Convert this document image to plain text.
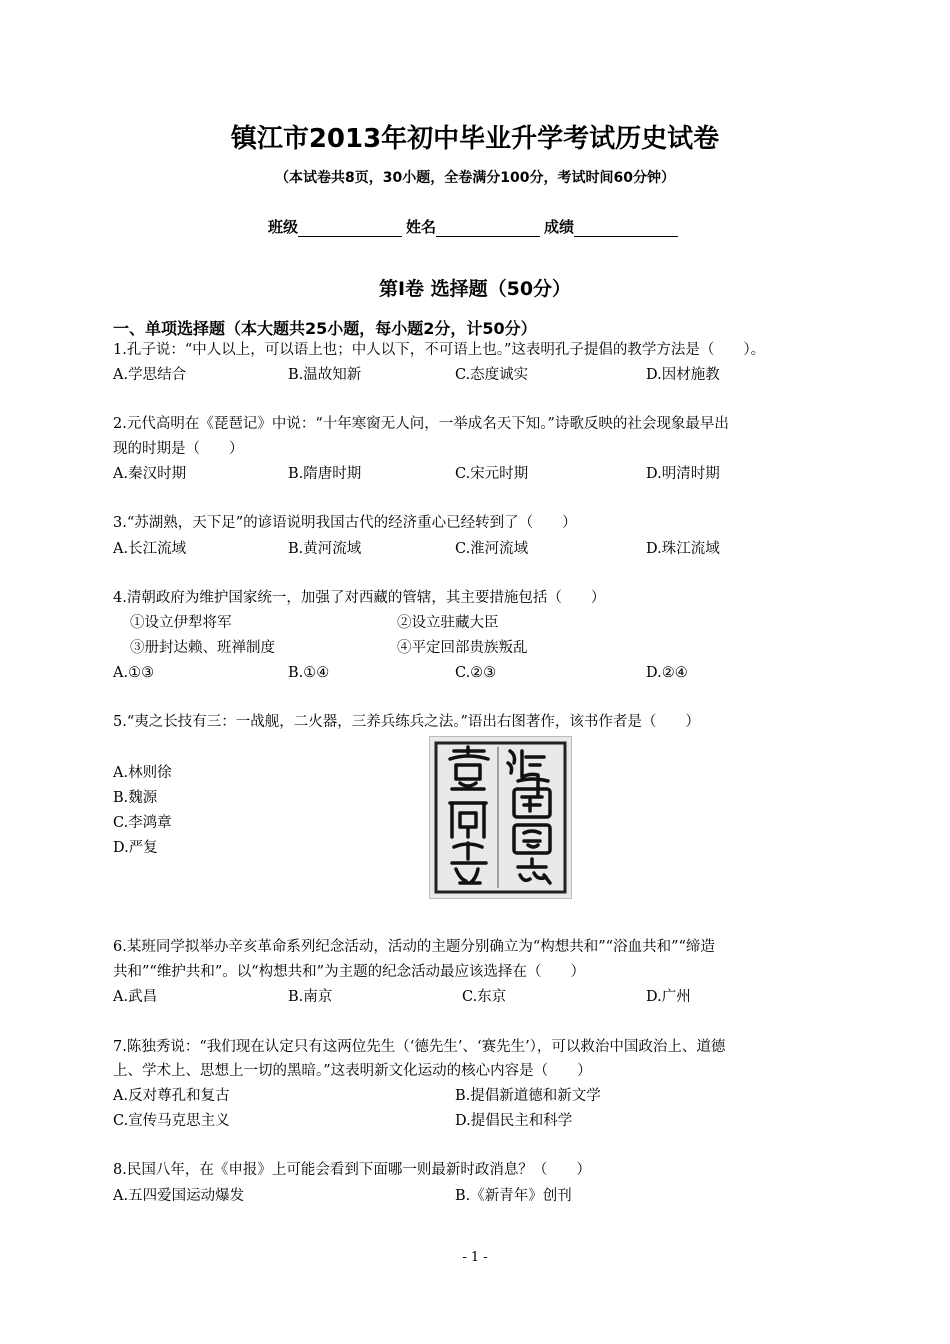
镇江市2013年初中毕业升学考试历史试卷
（本试卷共8页，30小题，全卷满分100分，考试时间60分钟）
班级	姓名	成绩
第Ⅰ卷 选择题（50分）
一、单项选择题（本大题共25小题，每小题2分，计50分）
1.孔子说：“中人以上，可以语上也；中人以下，不可语上也。”这表明孔子提倡的教学方法是（　　）。
A.学思结合	B.温故知新	C.态度诚实	D.因材施教
2.元代高明在《琵琶记》中说：“十年寒窗无人问，一举成名天下知。”诗歌反映的社会现象最早出
现的时期是（　　）
A.秦汉时期	B.隋唐时期	C.宋元时期	D.明清时期
3.“苏湖熟，天下足”的谚语说明我国古代的经济重心已经转到了（　　）
A.长江流域	B.黄河流域	C.淮河流域	D.珠江流域
4.清朝政府为维护国家统一，加强了对西藏的管辖，其主要措施包括（　　）
①设立伊犁将军	②设立驻藏大臣
③册封达赖、班禅制度	④平定回部贵族叛乱
A.①③	B.①④	C.②③	D.②④
5.“夷之长技有三：一战舰，二火器，三养兵练兵之法。”语出右图著作，该书作者是（　　）
A.林则徐
B.魏源
C.李鸿章
D.严复
6.某班同学拟举办辛亥革命系列纪念活动，活动的主题分别确立为“构想共和”“浴血共和”“缔造
共和”“维护共和”。以“构想共和”为主题的纪念活动最应该选择在（　　）
A.武昌	B.南京	C.东京	D.广州
7.陈独秀说：“我们现在认定只有这两位先生（‘德先生’、‘赛先生’），可以救治中国政治上、道德
上、学术上、思想上一切的黑暗。”这表明新文化运动的核心内容是（　　）
A.反对尊孔和复古	B.提倡新道德和新文学
C.宣传马克思主义	D.提倡民主和科学
8.民国八年，在《申报》上可能会看到下面哪一则最新时政消息？（　　）
A.五四爱国运动爆发	B.《新青年》创刊
- 1 -
